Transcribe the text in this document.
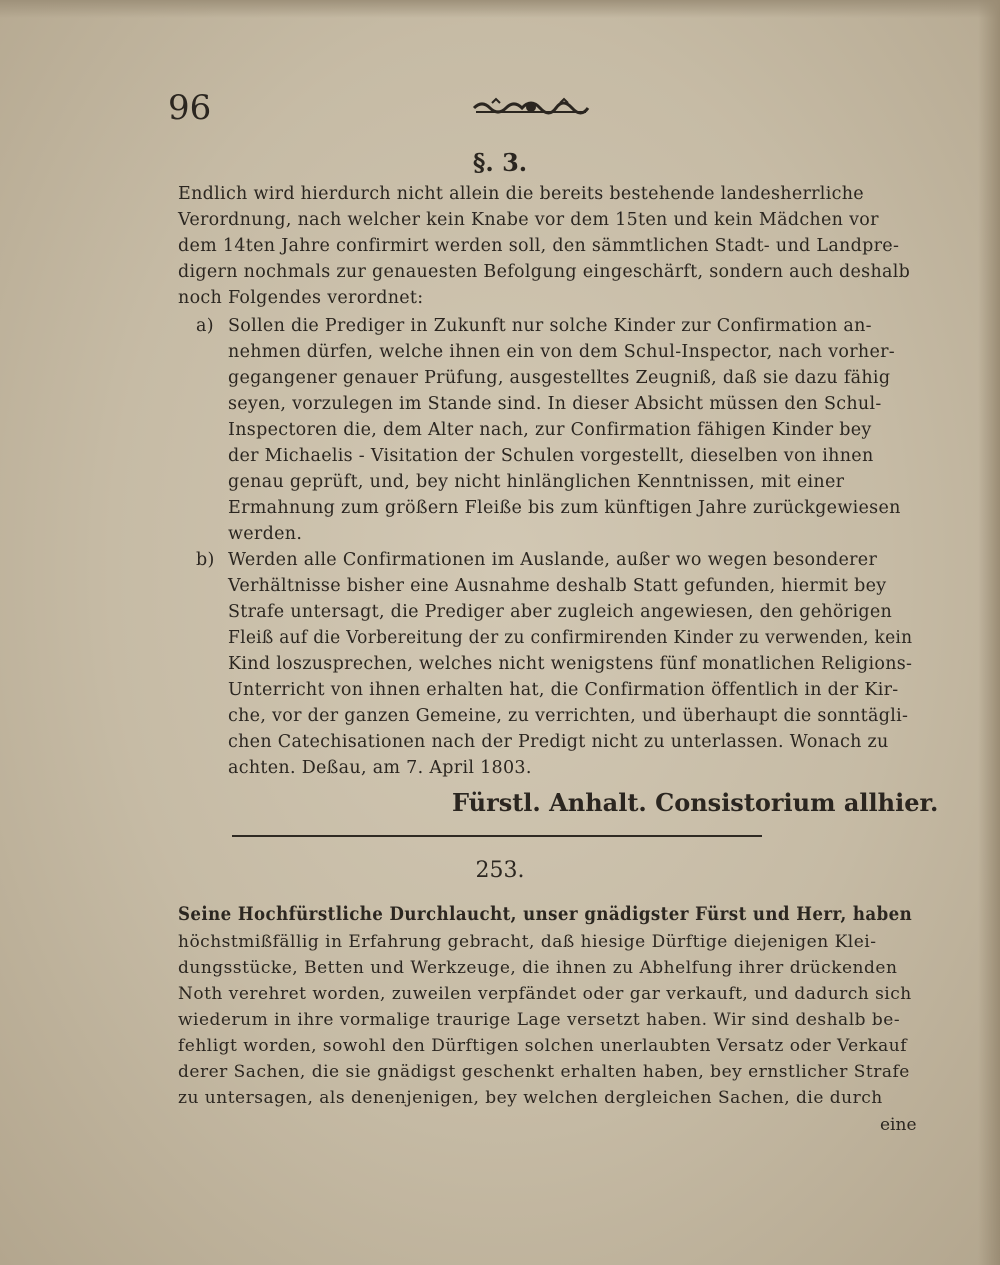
96
§. 3.
Endlich wird hierdurch nicht allein die bereits bestehende landesherrliche
Verordnung, nach welcher kein Knabe vor dem 15ten und kein Mädchen vor
dem 14ten Jahre confirmirt werden soll, den sämmtlichen Stadt- und Landpre-
digern nochmals zur genauesten Befolgung eingeschärft, sondern auch deshalb
noch Folgendes verordnet:
a) Sollen die Prediger in Zukunft nur solche Kinder zur Confirmation an-
nehmen dürfen, welche ihnen ein von dem Schul-Inspector, nach vorher-
gegangener genauer Prüfung, ausgestelltes Zeugniß, daß sie dazu fähig
seyen, vorzulegen im Stande sind. In dieser Absicht müssen den Schul-
Inspectoren die, dem Alter nach, zur Confirmation fähigen Kinder bey
der Michaelis - Visitation der Schulen vorgestellt, dieselben von ihnen
genau geprüft, und, bey nicht hinlänglichen Kenntnissen, mit einer
Ermahnung zum größern Fleiße bis zum künftigen Jahre zurückgewiesen
werden.
b) Werden alle Confirmationen im Auslande, außer wo wegen besonderer
Verhältnisse bisher eine Ausnahme deshalb Statt gefunden, hiermit bey
Strafe untersagt, die Prediger aber zugleich angewiesen, den gehörigen
Fleiß auf die Vorbereitung der zu confirmirenden Kinder zu verwenden, kein
Kind loszusprechen, welches nicht wenigstens fünf monatlichen Religions-
Unterricht von ihnen erhalten hat, die Confirmation öffentlich in der Kir-
che, vor der ganzen Gemeine, zu verrichten, und überhaupt die sonntägli-
chen Catechisationen nach der Predigt nicht zu unterlassen. Wonach zu
achten. Deßau, am 7. April 1803.
Fürstl. Anhalt. Consistorium allhier.
253.
Seine Hochfürstliche Durchlaucht, unser gnädigster Fürst und Herr, haben
höchstmißfällig in Erfahrung gebracht, daß hiesige Dürftige diejenigen Klei-
dungsstücke, Betten und Werkzeuge, die ihnen zu Abhelfung ihrer drückenden
Noth verehret worden, zuweilen verpfändet oder gar verkauft, und dadurch sich
wiederum in ihre vormalige traurige Lage versetzt haben. Wir sind deshalb be-
fehligt worden, sowohl den Dürftigen solchen unerlaubten Versatz oder Verkauf
derer Sachen, die sie gnädigst geschenkt erhalten haben, bey ernstlicher Strafe
zu untersagen, als denenjenigen, bey welchen dergleichen Sachen, die durch
eine
